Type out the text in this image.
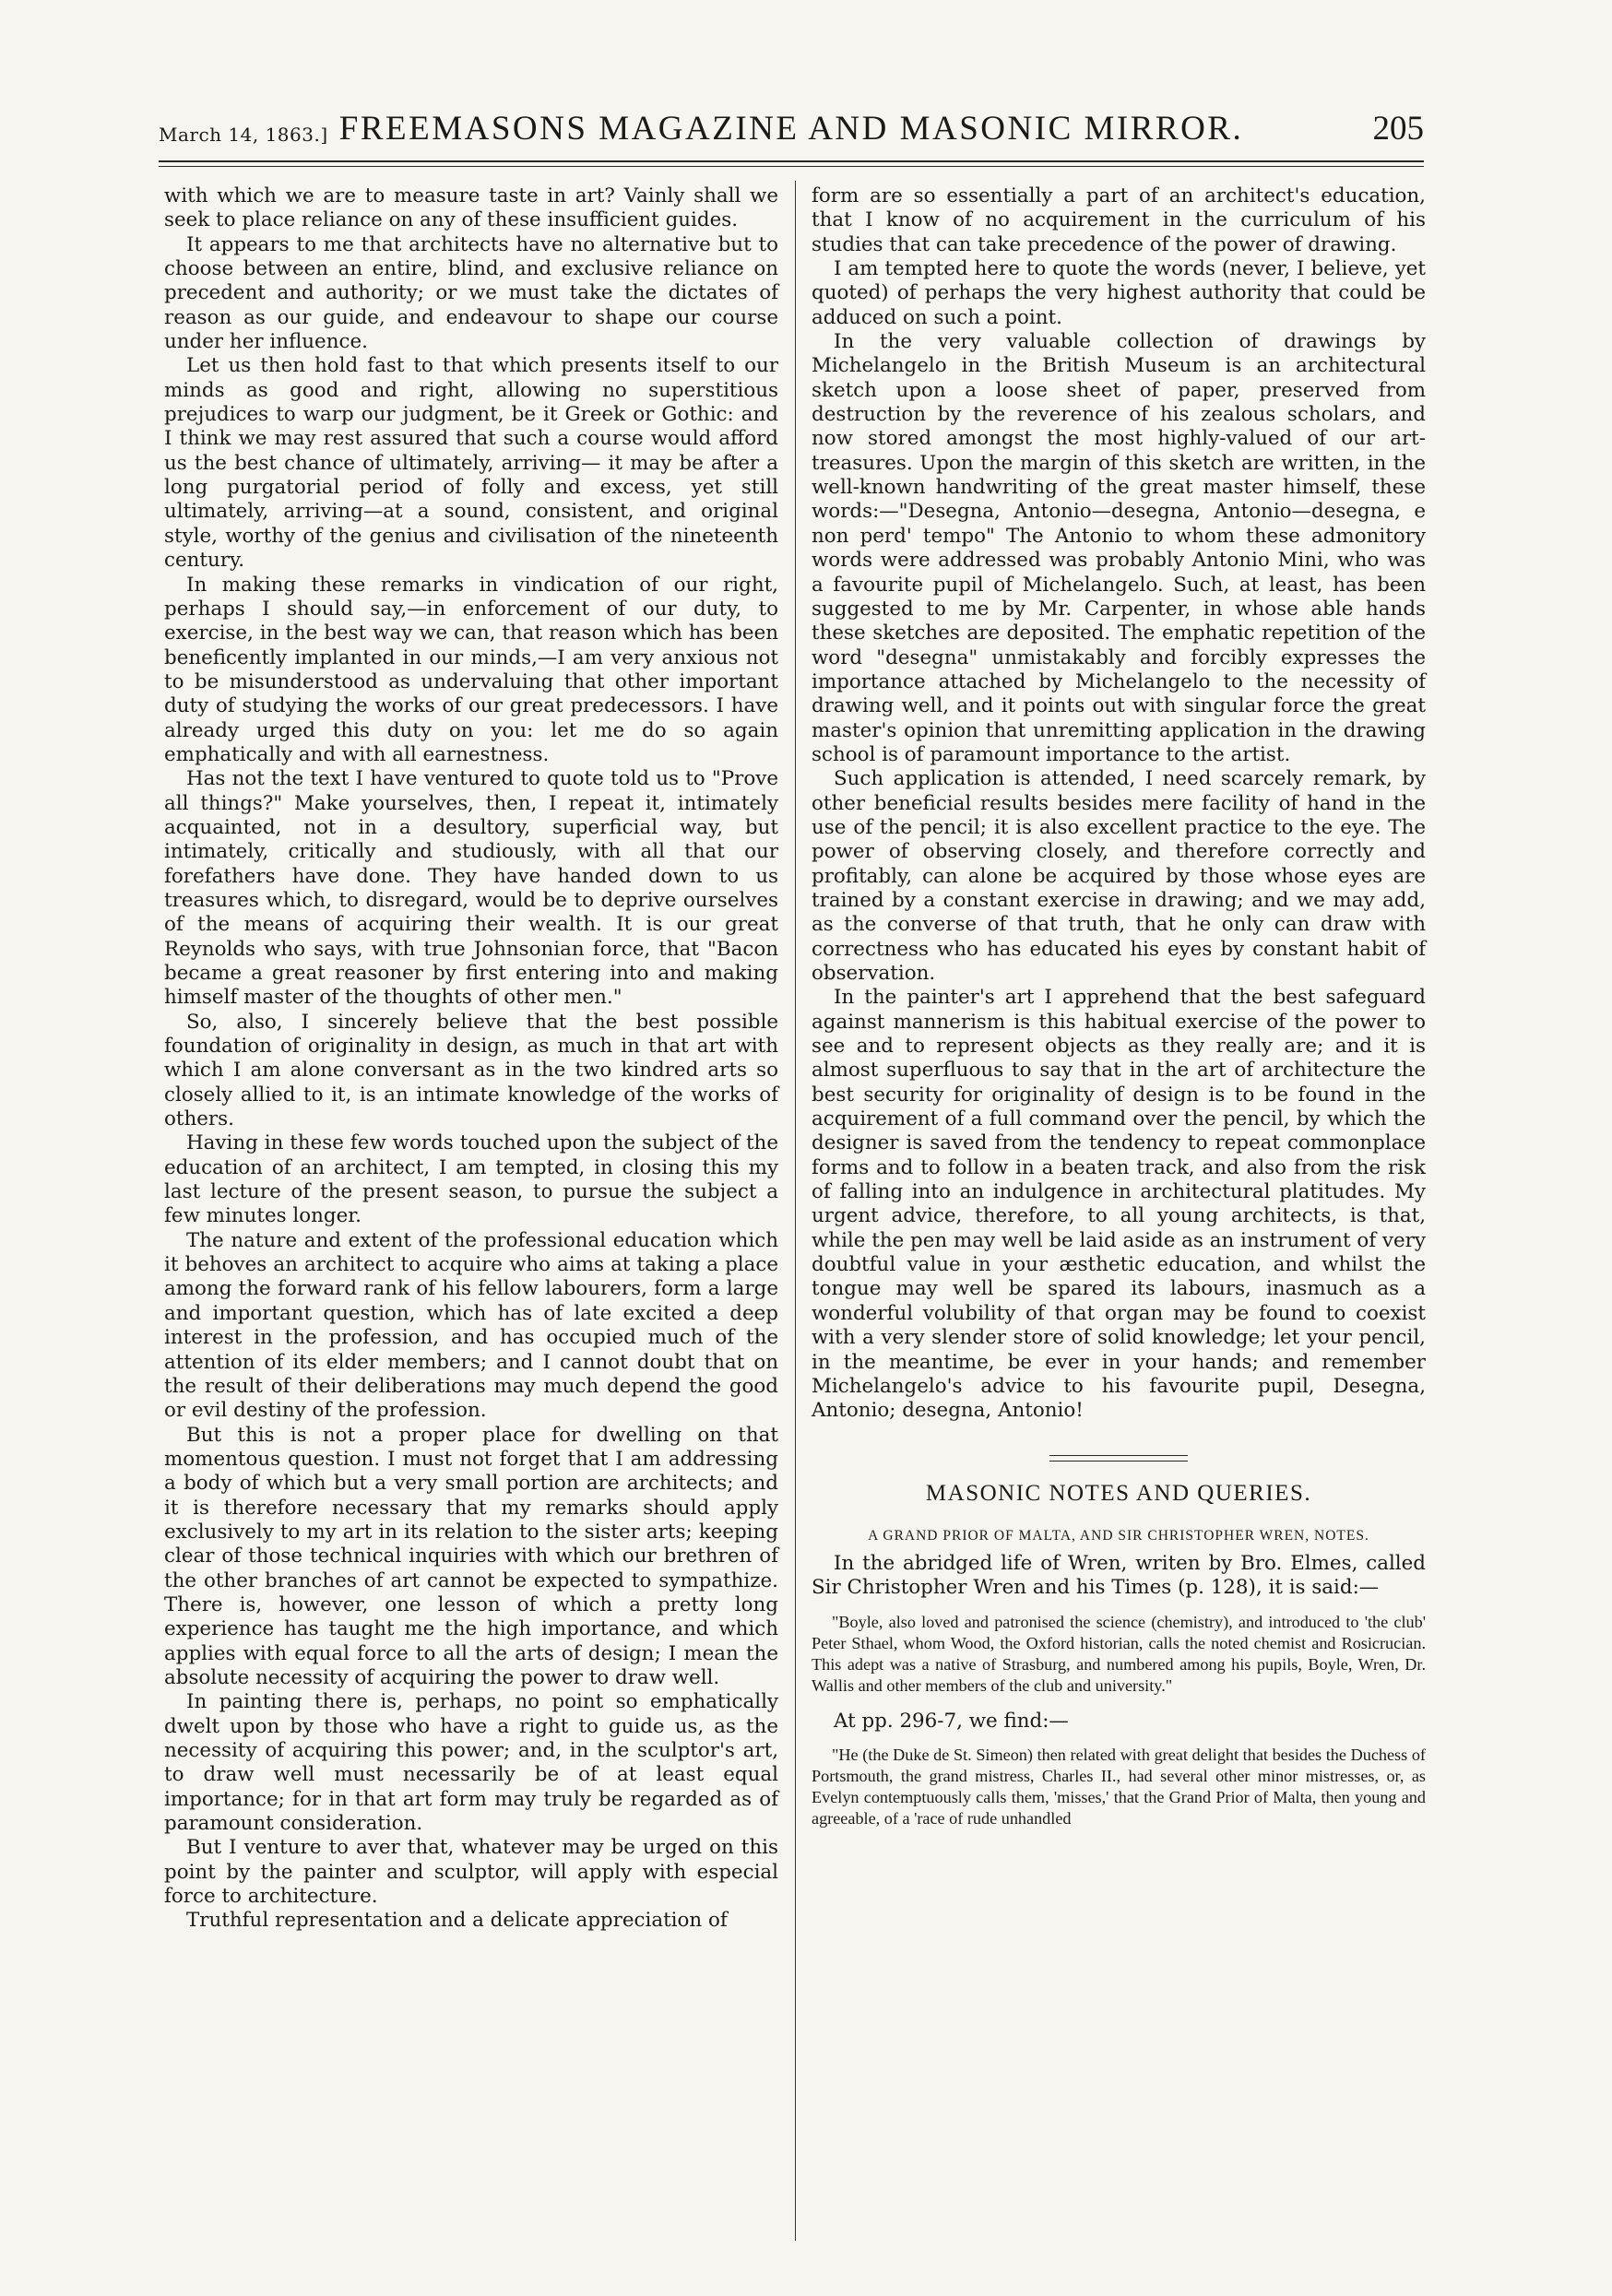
March 14, 1863.] FREEMASONS MAGAZINE AND MASONIC MIRROR.	205

with which we are to measure taste in art? Vainly shall we seek to place reliance on any of these insufficient guides.

It appears to me that architects have no alternative but to choose between an entire, blind, and exclusive reliance on precedent and authority; or we must take the dictates of reason as our guide, and endeavour to shape our course under her influence.

Let us then hold fast to that which presents itself to our minds as good and right, allowing no superstitious prejudices to warp our judgment, be it Greek or Gothic: and I think we may rest assured that such a course would afford us the best chance of ultimately, arriving— it may be after a long purgatorial period of folly and excess, yet still ultimately, arriving—at a sound, consistent, and original style, worthy of the genius and civilisation of the nineteenth century.

In making these remarks in vindication of our right, perhaps I should say,—in enforcement of our duty, to exercise, in the best way we can, that reason which has been beneficently implanted in our minds,—I am very anxious not to be misunderstood as undervaluing that other important duty of studying the works of our great predecessors. I have already urged this duty on you: let me do so again emphatically and with all earnestness.

Has not the text I have ventured to quote told us to "Prove all things?" Make yourselves, then, I repeat it, intimately acquainted, not in a desultory, superficial way, but intimately, critically and studiously, with all that our forefathers have done. They have handed down to us treasures which, to disregard, would be to deprive ourselves of the means of acquiring their wealth. It is our great Reynolds who says, with true Johnsonian force, that "Bacon became a great reasoner by first entering into and making himself master of the thoughts of other men."

So, also, I sincerely believe that the best possible foundation of originality in design, as much in that art with which I am alone conversant as in the two kindred arts so closely allied to it, is an intimate knowledge of the works of others.

Having in these few words touched upon the subject of the education of an architect, I am tempted, in closing this my last lecture of the present season, to pursue the subject a few minutes longer.

The nature and extent of the professional education which it behoves an architect to acquire who aims at taking a place among the forward rank of his fellow labourers, form a large and important question, which has of late excited a deep interest in the profession, and has occupied much of the attention of its elder members; and I cannot doubt that on the result of their deliberations may much depend the good or evil destiny of the profession.

But this is not a proper place for dwelling on that momentous question. I must not forget that I am addressing a body of which but a very small portion are architects; and it is therefore necessary that my remarks should apply exclusively to my art in its relation to the sister arts; keeping clear of those technical inquiries with which our brethren of the other branches of art cannot be expected to sympathize. There is, however, one lesson of which a pretty long experience has taught me the high importance, and which applies with equal force to all the arts of design; I mean the absolute necessity of acquiring the power to draw well.

In painting there is, perhaps, no point so emphatically dwelt upon by those who have a right to guide us, as the necessity of acquiring this power; and, in the sculptor's art, to draw well must necessarily be of at least equal importance; for in that art form may truly be regarded as of paramount consideration.

But I venture to aver that, whatever may be urged on this point by the painter and sculptor, will apply with especial force to architecture.

Truthful representation and a delicate appreciation of

form are so essentially a part of an architect's education, that I know of no acquirement in the curriculum of his studies that can take precedence of the power of drawing.

I am tempted here to quote the words (never, I believe, yet quoted) of perhaps the very highest authority that could be adduced on such a point.

In the very valuable collection of drawings by Michelangelo in the British Museum is an architectural sketch upon a loose sheet of paper, preserved from destruction by the reverence of his zealous scholars, and now stored amongst the most highly-valued of our art-treasures. Upon the margin of this sketch are written, in the well-known handwriting of the great master himself, these words:—"Desegna, Antonio—desegna, Antonio—desegna, e non perd' tempo" The Antonio to whom these admonitory words were addressed was probably Antonio Mini, who was a favourite pupil of Michelangelo. Such, at least, has been suggested to me by Mr. Carpenter, in whose able hands these sketches are deposited. The emphatic repetition of the word "desegna" unmistakably and forcibly expresses the importance attached by Michelangelo to the necessity of drawing well, and it points out with singular force the great master's opinion that unremitting application in the drawing school is of paramount importance to the artist.

Such application is attended, I need scarcely remark, by other beneficial results besides mere facility of hand in the use of the pencil; it is also excellent practice to the eye. The power of observing closely, and therefore correctly and profitably, can alone be acquired by those whose eyes are trained by a constant exercise in drawing; and we may add, as the converse of that truth, that he only can draw with correctness who has educated his eyes by constant habit of observation.

In the painter's art I apprehend that the best safeguard against mannerism is this habitual exercise of the power to see and to represent objects as they really are; and it is almost superfluous to say that in the art of architecture the best security for originality of design is to be found in the acquirement of a full command over the pencil, by which the designer is saved from the tendency to repeat commonplace forms and to follow in a beaten track, and also from the risk of falling into an indulgence in architectural platitudes. My urgent advice, therefore, to all young architects, is that, while the pen may well be laid aside as an instrument of very doubtful value in your æsthetic education, and whilst the tongue may well be spared its labours, inasmuch as a wonderful volubility of that organ may be found to coexist with a very slender store of solid knowledge; let your pencil, in the meantime, be ever in your hands; and remember Michelangelo's advice to his favourite pupil, Desegna, Antonio; desegna, Antonio!

MASONIC NOTES AND QUERIES.
A GRAND PRIOR OF MALTA, AND SIR CHRISTOPHER WREN, NOTES.

In the abridged life of Wren, writen by Bro. Elmes, called Sir Christopher Wren and his Times (p. 128), it is said:—

"Boyle, also loved and patronised the science (chemistry), and introduced to 'the club' Peter Sthael, whom Wood, the Oxford historian, calls the noted chemist and Rosicrucian. This adept was a native of Strasburg, and numbered among his pupils, Boyle, Wren, Dr. Wallis and other members of the club and university."

At pp. 296-7, we find:—

"He (the Duke de St. Simeon) then related with great delight that besides the Duchess of Portsmouth, the grand mistress, Charles II., had several other minor mistresses, or, as Evelyn contemptuously calls them, 'misses,' that the Grand Prior of Malta, then young and agreeable, of a 'race of rude unhandled
